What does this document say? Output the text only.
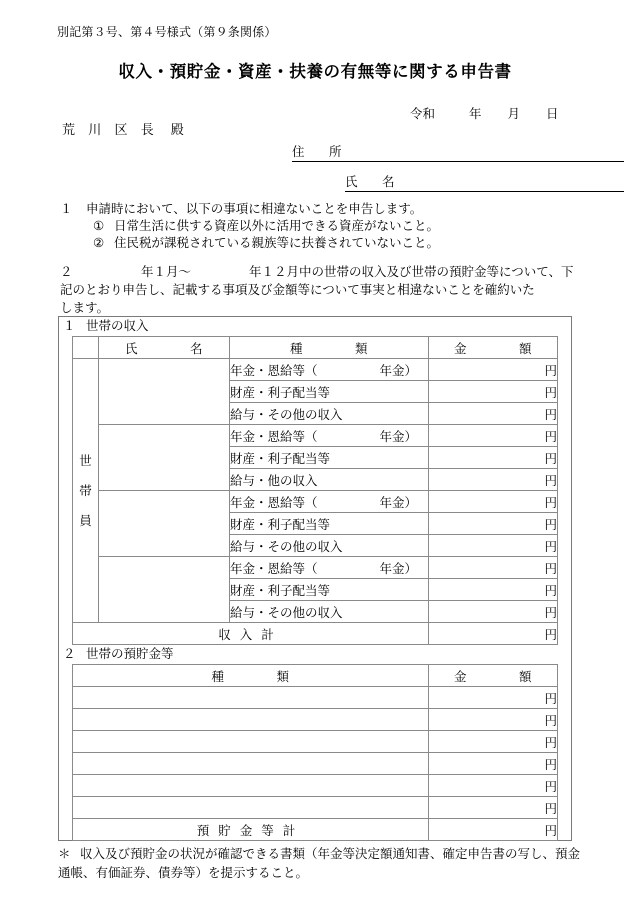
別記第３号、第４号様式（第９条関係）
収入・預貯金・資産・扶養の有無等に関する申告書
令和	年 月 日
荒 川 区 長 殿
住　所
氏　名
１ 申請時において、以下の事項に相違ないことを申告します。
① 日常生活に供する資産以外に活用できる資産がないこと。
② 住民税が課税されている親族等に扶養されていないこと。
２	年１月～	年１２月中の世帯の収入及び世帯の預貯金等について、下
記のとおり申告し、記載する事項及び金額等について事実と相違ないことを確約いた
します。
１ 世帯の収入
	氏　　　　名	種　　　　類	金　　　　額

世
帯
員		年金・恩給等（ 年金）	円
		財産・利子配当等	円
		給与・その他の収入	円
		年金・恩給等（ 年金）	円
		財産・利子配当等	円
		給与・他の収入	円
		年金・恩給等（ 年金）	円
		財産・利子配当等	円
		給与・その他の収入	円
		年金・恩給等（ 年金）	円
		財産・利子配当等	円
		給与・その他の収入	円
収入計			円
２ 世帯の預貯金等
種　　　　類	金　　　　額
	円
	円
	円
	円
	円
	円
預貯金等計	円
＊ 収入及び預貯金の状況が確認できる書類（年金等決定額通知書、確定申告書の写し、預金
通帳、有価証券、債券等）を提示すること。
